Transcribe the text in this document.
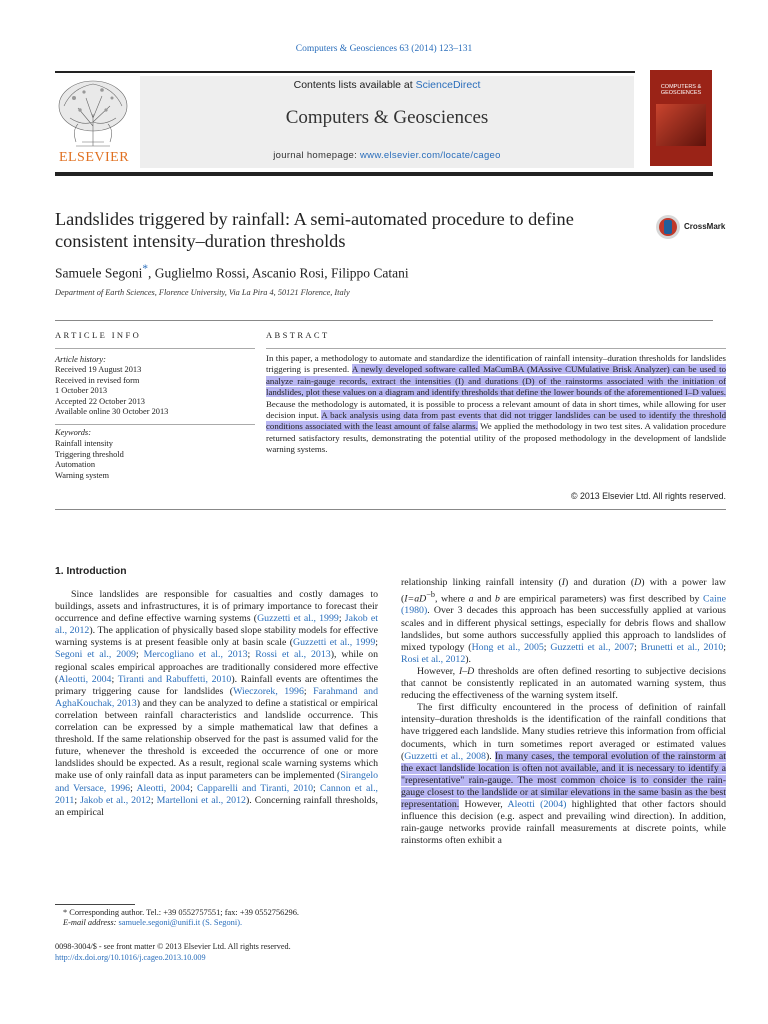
Computers & Geosciences 63 (2014) 123–131
ELSEVIER
Contents lists available at ScienceDirect
Computers & Geosciences
journal homepage: www.elsevier.com/locate/cageo
COMPUTERS & GEOSCIENCES
Landslides triggered by rainfall: A semi-automated procedure to define consistent intensity–duration thresholds
CrossMark
Samuele Segoni*, Guglielmo Rossi, Ascanio Rosi, Filippo Catani
Department of Earth Sciences, Florence University, Via La Pira 4, 50121 Florence, Italy
ARTICLE INFO	ABSTRACT
Article history:
Received 19 August 2013
Received in revised form
1 October 2013
Accepted 22 October 2013
Available online 30 October 2013
Keywords:
Rainfall intensity
Triggering threshold
Automation
Warning system
In this paper, a methodology to automate and standardize the identification of rainfall intensity–duration thresholds for landslides triggering is presented. A newly developed software called MaCumBA (MAssive CUMulative Brisk Analyzer) can be used to analyze rain-gauge records, extract the intensities (I) and durations (D) of the rainstorms associated with the initiation of landslides, plot these values on a diagram and identify thresholds that define the lower bounds of the aforementioned I–D values. Because the methodology is automated, it is possible to process a relevant amount of data in short times, while allowing for user decision input. A back analysis using data from past events that did not trigger landslides can be used to identify the threshold conditions associated with the least amount of false alarms. We applied the methodology in two test sites. A validation procedure returned satisfactory results, demonstrating the potential utility of the proposed methodology in the development of landslide warning systems.
© 2013 Elsevier Ltd. All rights reserved.
1. Introduction

Since landslides are responsible for casualties and costly damages to buildings, assets and infrastructures, it is of primary importance to forecast their occurrence and define effective warning systems (Guzzetti et al., 1999; Jakob et al., 2012). The application of physically based slope stability models for effective warning systems is at present feasible only at basin scale (Guzzetti et al., 1999; Segoni et al., 2009; Mercogliano et al., 2013; Rossi et al., 2013), while on regional scales empirical approaches are traditionally considered more effective (Aleotti, 2004; Tiranti and Rabuffetti, 2010). Rainfall events are oftentimes the primary triggering cause for landslides (Wieczorek, 1996; Farahmand and AghaKouchak, 2013) and they can be analyzed to define a statistical or empirical correlation between rainfall characteristics and landslide occurrence. This correlation can be expressed by a simple mathematical law that defines a threshold. If the same relationship observed for the past is assumed valid for the future, whenever the threshold is exceeded the occurrence of one or more landslides should be expected. As a result, regional scale warning systems which make use of only rainfall data as input parameters can be implemented (Sirangelo and Versace, 1996; Aleotti, 2004; Capparelli and Tiranti, 2010; Cannon et al., 2011; Jakob et al., 2012; Martelloni et al., 2012). Concerning rainfall thresholds, an empirical

relationship linking rainfall intensity (I) and duration (D) with a power law ($I=aD^{-b}$, where a and b are empirical parameters) was first described by Caine (1980). Over 3 decades this approach has been successfully applied at various scales and in different physical settings, especially for debris flows and shallow landslides, but some authors successfully applied this approach to landslides of mixed typology (Hong et al., 2005; Guzzetti et al., 2007; Brunetti et al., 2010; Rosi et al., 2012).

However, I–D thresholds are often defined resorting to subjective decisions that cannot be consistently replicated in an automated warning system, thus reducing the effectiveness of the warning system itself.

The first difficulty encountered in the process of definition of rainfall intensity–duration thresholds is the identification of the rainfall conditions that have triggered each landslide. Many studies retrieve this information from official documents, which in turn sometimes report averaged or estimated values (Guzzetti et al., 2008). In many cases, the temporal evolution of the rainstorm at the exact landslide location is often not available, and it is necessary to identify a "representative" rain-gauge. The most common choice is to consider the rain-gauge closest to the landslide or at similar elevations in the same basin as the best representation. However, Aleotti (2004) highlighted that other factors should influence this decision (e.g. aspect and prevailing wind direction). In addition, rain-gauge networks provide rainfall measurements at discrete points, while rainstorms often exhibit a

* Corresponding author. Tel.: +39 0552757551; fax: +39 0552756296.
E-mail address: samuele.segoni@unifi.it (S. Segoni).
0098-3004/$ - see front matter © 2013 Elsevier Ltd. All rights reserved.
http://dx.doi.org/10.1016/j.cageo.2013.10.009
